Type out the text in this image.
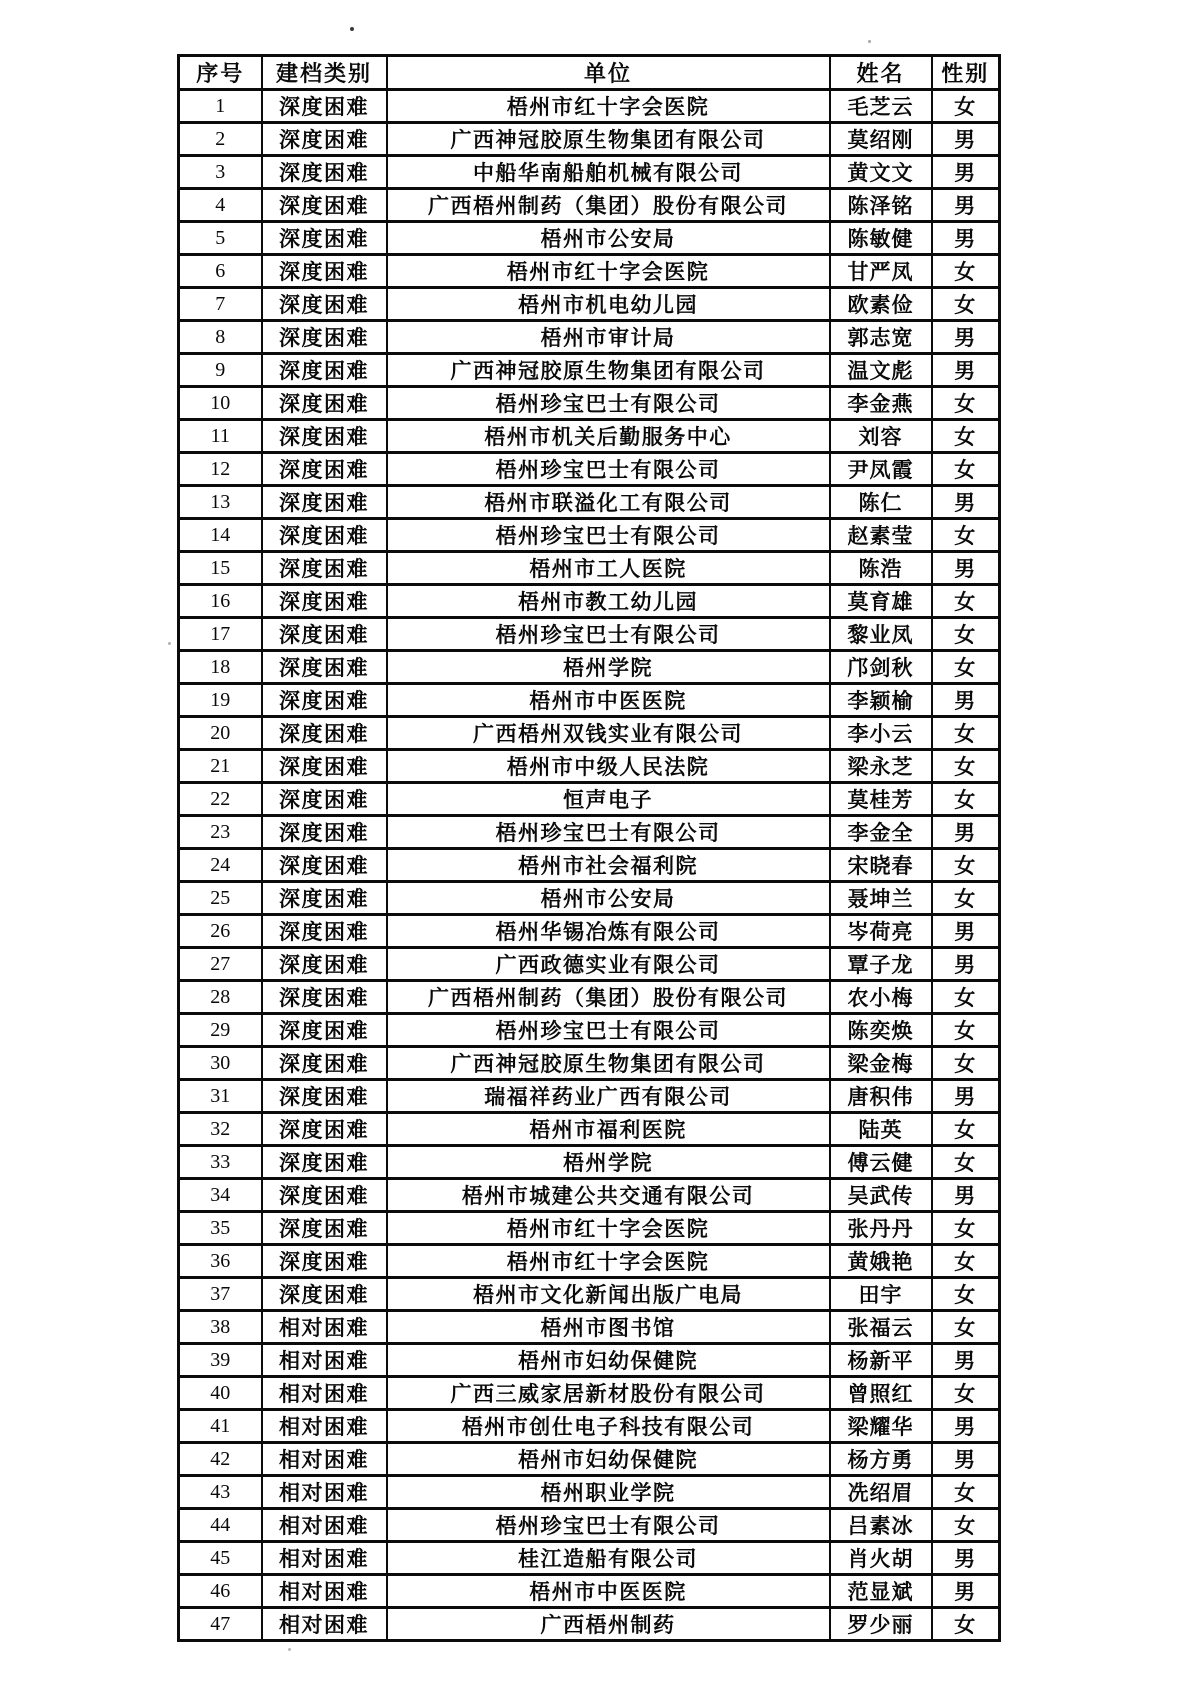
序号	建档类别	单位	姓名	性别
1	深度困难	梧州市红十字会医院	毛芝云	女
2	深度困难	广西神冠胶原生物集团有限公司	莫绍刚	男
3	深度困难	中船华南船舶机械有限公司	黄文文	男
4	深度困难	广西梧州制药（集团）股份有限公司	陈泽铭	男
5	深度困难	梧州市公安局	陈敏健	男
6	深度困难	梧州市红十字会医院	甘严凤	女
7	深度困难	梧州市机电幼儿园	欧素俭	女
8	深度困难	梧州市审计局	郭志宽	男
9	深度困难	广西神冠胶原生物集团有限公司	温文彪	男
10	深度困难	梧州珍宝巴士有限公司	李金燕	女
11	深度困难	梧州市机关后勤服务中心	刘容	女
12	深度困难	梧州珍宝巴士有限公司	尹凤霞	女
13	深度困难	梧州市联溢化工有限公司	陈仁	男
14	深度困难	梧州珍宝巴士有限公司	赵素莹	女
15	深度困难	梧州市工人医院	陈浩	男
16	深度困难	梧州市教工幼儿园	莫育雄	女
17	深度困难	梧州珍宝巴士有限公司	黎业凤	女
18	深度困难	梧州学院	邝剑秋	女
19	深度困难	梧州市中医医院	李颖榆	男
20	深度困难	广西梧州双钱实业有限公司	李小云	女
21	深度困难	梧州市中级人民法院	梁永芝	女
22	深度困难	恒声电子	莫桂芳	女
23	深度困难	梧州珍宝巴士有限公司	李金全	男
24	深度困难	梧州市社会福利院	宋晓春	女
25	深度困难	梧州市公安局	聂坤兰	女
26	深度困难	梧州华锡冶炼有限公司	岑荷亮	男
27	深度困难	广西政德实业有限公司	覃子龙	男
28	深度困难	广西梧州制药（集团）股份有限公司	农小梅	女
29	深度困难	梧州珍宝巴士有限公司	陈奕焕	女
30	深度困难	广西神冠胶原生物集团有限公司	梁金梅	女
31	深度困难	瑞福祥药业广西有限公司	唐积伟	男
32	深度困难	梧州市福利医院	陆英	女
33	深度困难	梧州学院	傅云健	女
34	深度困难	梧州市城建公共交通有限公司	吴武传	男
35	深度困难	梧州市红十字会医院	张丹丹	女
36	深度困难	梧州市红十字会医院	黄娥艳	女
37	深度困难	梧州市文化新闻出版广电局	田宇	女
38	相对困难	梧州市图书馆	张福云	女
39	相对困难	梧州市妇幼保健院	杨新平	男
40	相对困难	广西三威家居新材股份有限公司	曾照红	女
41	相对困难	梧州市创仕电子科技有限公司	梁耀华	男
42	相对困难	梧州市妇幼保健院	杨方勇	男
43	相对困难	梧州职业学院	冼绍眉	女
44	相对困难	梧州珍宝巴士有限公司	吕素冰	女
45	相对困难	桂江造船有限公司	肖火胡	男
46	相对困难	梧州市中医医院	范显斌	男
47	相对困难	广西梧州制药	罗少丽	女
